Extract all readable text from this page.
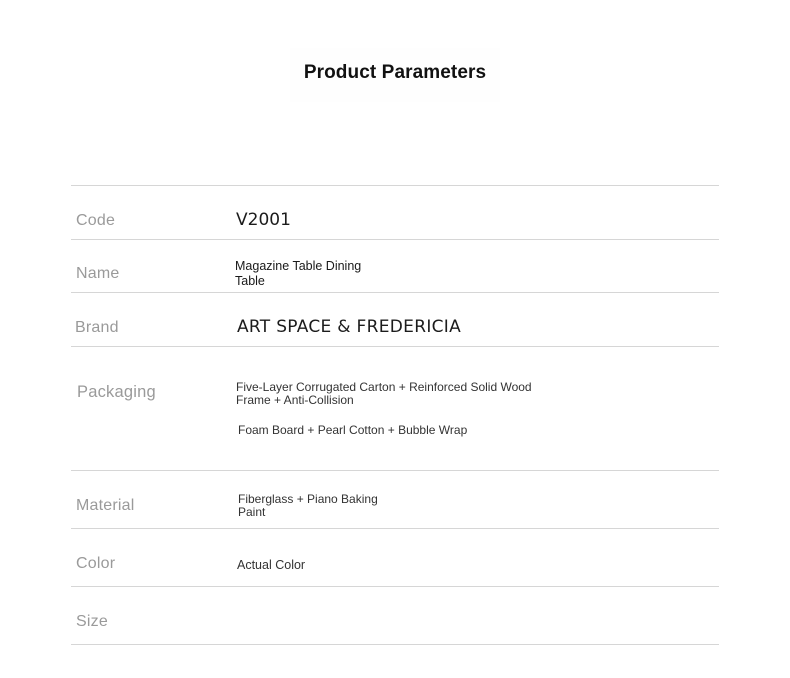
Product Parameters
Code	V2001
Name	Magazine Table Dining
Table
Brand	ART SPACE & FREDERICIA
Packaging	Five-Layer Corrugated Carton + Reinforced Solid Wood
Frame + Anti-Collision
Foam Board + Pearl Cotton + Bubble Wrap
Material	Fiberglass + Piano Baking
Paint
Color	Actual Color
Size
